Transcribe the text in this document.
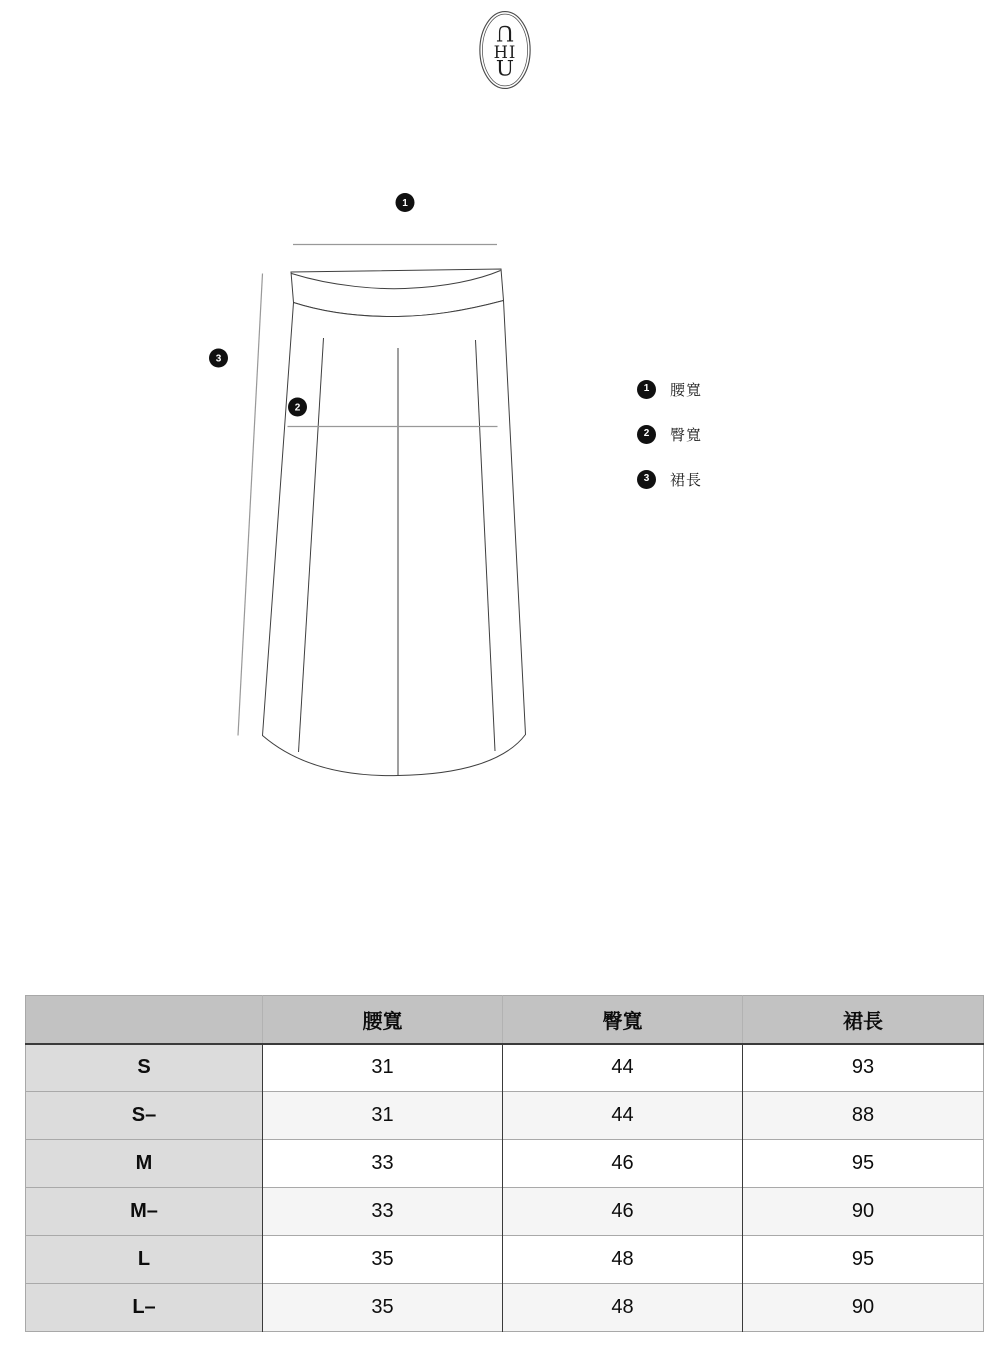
U
HI
U
1
2
3
1	腰寬
2	臀寬
3	裙長
	腰寬	臀寬	裙長
S	31	44	93
S–	31	44	88
M	33	46	95
M–	33	46	90
L	35	48	95
L–	35	48	90
